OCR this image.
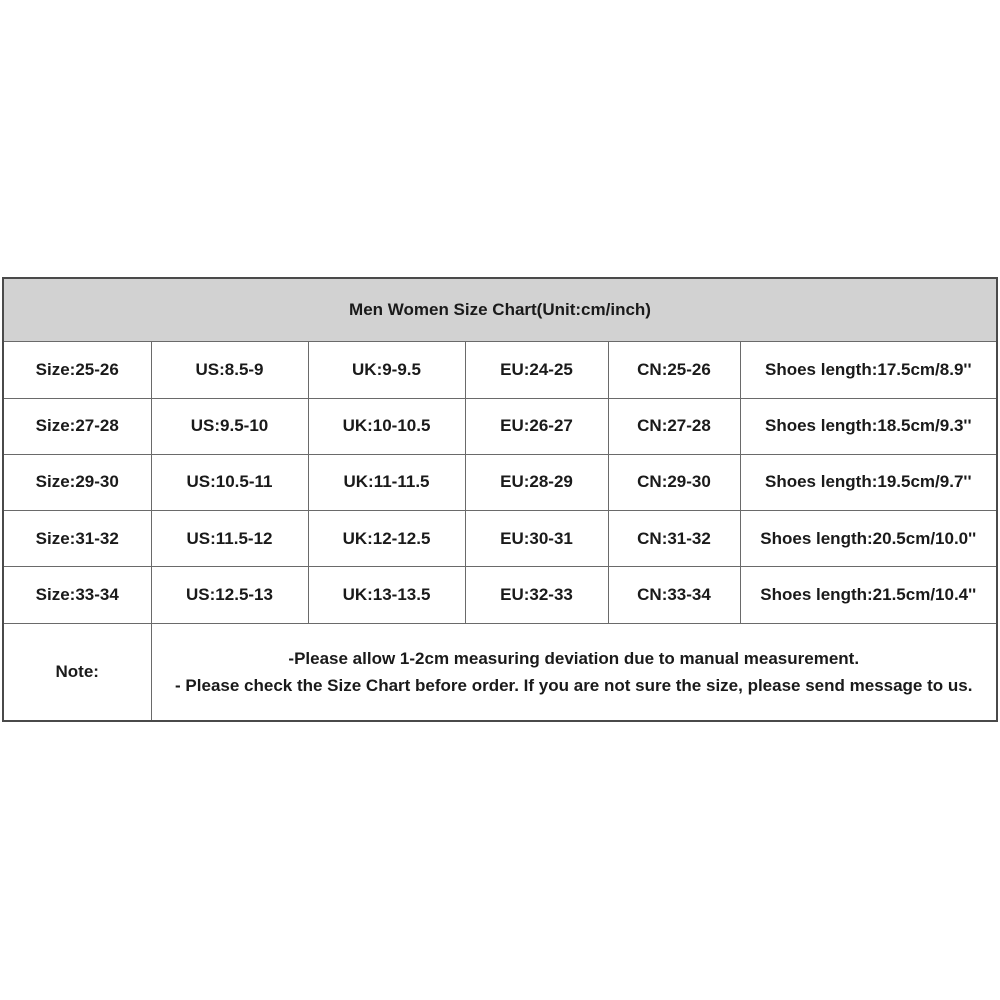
Men Women Size Chart(Unit:cm/inch)					
Size:25-26	US:8.5-9	UK:9-9.5	EU:24-25	CN:25-26	Shoes length:17.5cm/8.9''
Size:27-28	US:9.5-10	UK:10-10.5	EU:26-27	CN:27-28	Shoes length:18.5cm/9.3''
Size:29-30	US:10.5-11	UK:11-11.5	EU:28-29	CN:29-30	Shoes length:19.5cm/9.7''
Size:31-32	US:11.5-12	UK:12-12.5	EU:30-31	CN:31-32	Shoes length:20.5cm/10.0''
Size:33-34	US:12.5-13	UK:13-13.5	EU:32-33	CN:33-34	Shoes length:21.5cm/10.4''
Note:	-Please allow 1-2cm measuring deviation due to manual measurement.
- Please check the Size Chart before order. If you are not sure the size, please send message to us.				
